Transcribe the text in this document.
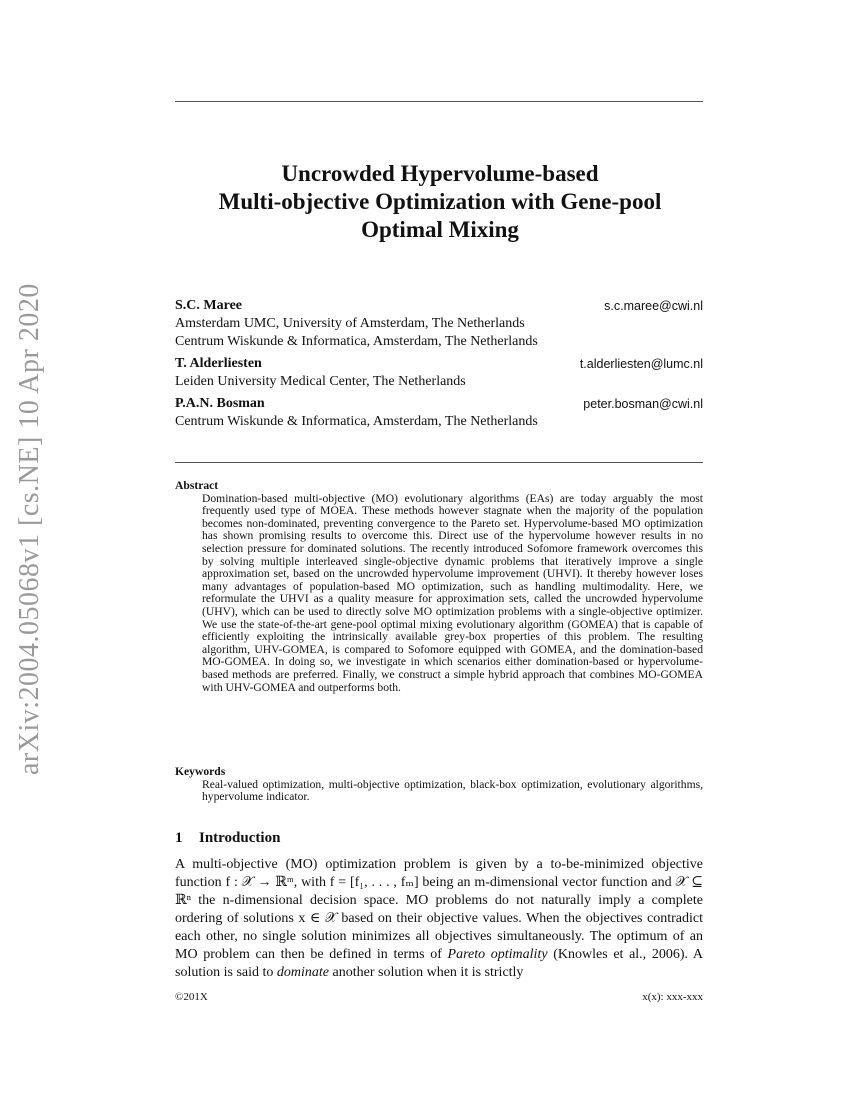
arXiv:2004.05068v1 [cs.NE] 10 Apr 2020
Uncrowded Hypervolume-based
Multi-objective Optimization with Gene-pool
Optimal Mixing
S.C. Maree	s.c.maree@cwi.nl
Amsterdam UMC, University of Amsterdam, The Netherlands
Centrum Wiskunde & Informatica, Amsterdam, The Netherlands
T. Alderliesten	t.alderliesten@lumc.nl
Leiden University Medical Center, The Netherlands
P.A.N. Bosman	peter.bosman@cwi.nl
Centrum Wiskunde & Informatica, Amsterdam, The Netherlands
Abstract
Domination-based multi-objective (MO) evolutionary algorithms (EAs) are today arguably the most frequently used type of MOEA. These methods however stagnate when the majority of the population becomes non-dominated, preventing convergence to the Pareto set. Hypervolume-based MO optimization has shown promising results to overcome this. Direct use of the hypervolume however results in no selection pressure for dominated solutions. The recently introduced Sofomore framework overcomes this by solving multiple interleaved single-objective dynamic problems that iteratively improve a single approximation set, based on the uncrowded hypervolume improvement (UHVI). It thereby however loses many advantages of population-based MO optimization, such as handling multimodality. Here, we reformulate the UHVI as a quality measure for approximation sets, called the uncrowded hypervolume (UHV), which can be used to directly solve MO optimization problems with a single-objective optimizer. We use the state-of-the-art gene-pool optimal mixing evolutionary algorithm (GOMEA) that is capable of efficiently exploiting the intrinsically available grey-box properties of this problem. The resulting algorithm, UHV-GOMEA, is compared to Sofomore equipped with GOMEA, and the domination-based MO-GOMEA. In doing so, we investigate in which scenarios either domination-based or hypervolume-based methods are preferred. Finally, we construct a simple hybrid approach that combines MO-GOMEA with UHV-GOMEA and outperforms both.
Keywords
Real-valued optimization, multi-objective optimization, black-box optimization, evolutionary algorithms, hypervolume indicator.
1 Introduction
A multi-objective (MO) optimization problem is given by a to-be-minimized objective function f : 𝒳 → ℝᵐ, with f = [f₁, . . . , fₘ] being an m-dimensional vector function and 𝒳 ⊆ ℝⁿ the n-dimensional decision space. MO problems do not naturally imply a complete ordering of solutions x ∈ 𝒳 based on their objective values. When the objectives contradict each other, no single solution minimizes all objectives simultaneously. The optimum of an MO problem can then be defined in terms of Pareto optimality (Knowles et al., 2006). A solution is said to dominate another solution when it is strictly
©201X	x(x): xxx-xxx
